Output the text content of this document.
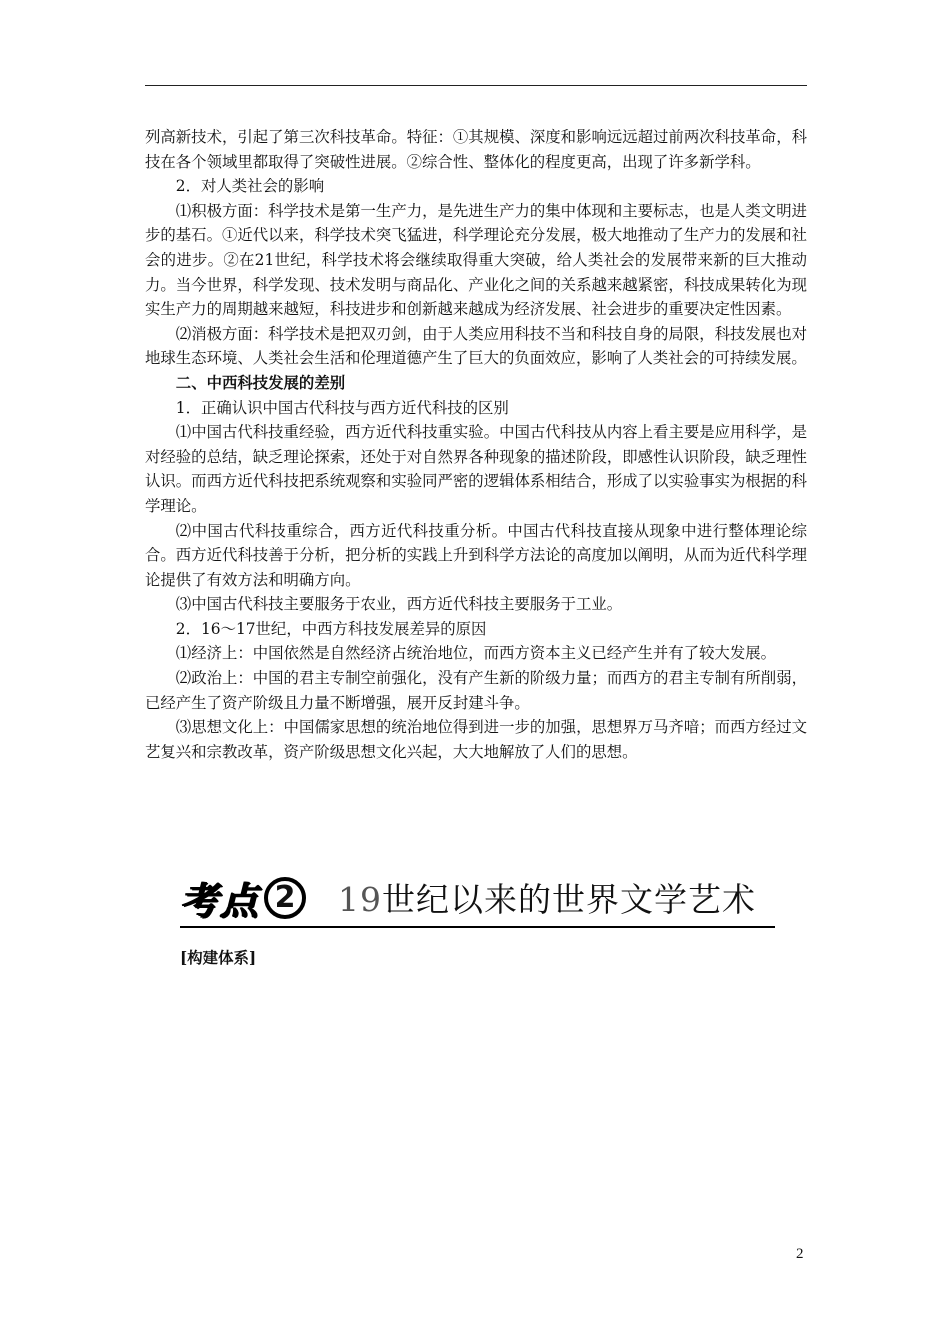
列高新技术，引起了第三次科技革命。特征：①其规模、深度和影响远远超过前两次科技革命，科技在各个领域里都取得了突破性进展。②综合性、整体化的程度更高，出现了许多新学科。

2．对人类社会的影响

⑴积极方面：科学技术是第一生产力，是先进生产力的集中体现和主要标志，也是人类文明进步的基石。①近代以来，科学技术突飞猛进，科学理论充分发展，极大地推动了生产力的发展和社会的进步。②在21世纪，科学技术将会继续取得重大突破，给人类社会的发展带来新的巨大推动力。当今世界，科学发现、技术发明与商品化、产业化之间的关系越来越紧密，科技成果转化为现实生产力的周期越来越短，科技进步和创新越来越成为经济发展、社会进步的重要决定性因素。

⑵消极方面：科学技术是把双刃剑，由于人类应用科技不当和科技自身的局限，科技发展也对地球生态环境、人类社会生活和伦理道德产生了巨大的负面效应，影响了人类社会的可持续发展。

二、中西科技发展的差别

1．正确认识中国古代科技与西方近代科技的区别

⑴中国古代科技重经验，西方近代科技重实验。中国古代科技从内容上看主要是应用科学，是对经验的总结，缺乏理论探索，还处于对自然界各种现象的描述阶段，即感性认识阶段，缺乏理性认识。而西方近代科技把系统观察和实验同严密的逻辑体系相结合，形成了以实验事实为根据的科学理论。

⑵中国古代科技重综合，西方近代科技重分析。中国古代科技直接从现象中进行整体理论综合。西方近代科技善于分析，把分析的实践上升到科学方法论的高度加以阐明，从而为近代科学理论提供了有效方法和明确方向。

⑶中国古代科技主要服务于农业，西方近代科技主要服务于工业。

2．16～17世纪，中西方科技发展差异的原因

⑴经济上：中国依然是自然经济占统治地位，而西方资本主义已经产生并有了较大发展。

⑵政治上：中国的君主专制空前强化，没有产生新的阶级力量；而西方的君主专制有所削弱，已经产生了资产阶级且力量不断增强，展开反封建斗争。

⑶思想文化上：中国儒家思想的统治地位得到进一步的加强，思想界万马齐喑；而西方经过文艺复兴和宗教改革，资产阶级思想文化兴起，大大地解放了人们的思想。

考点 2	19世纪以来的世界文学艺术
[构建体系]
2
